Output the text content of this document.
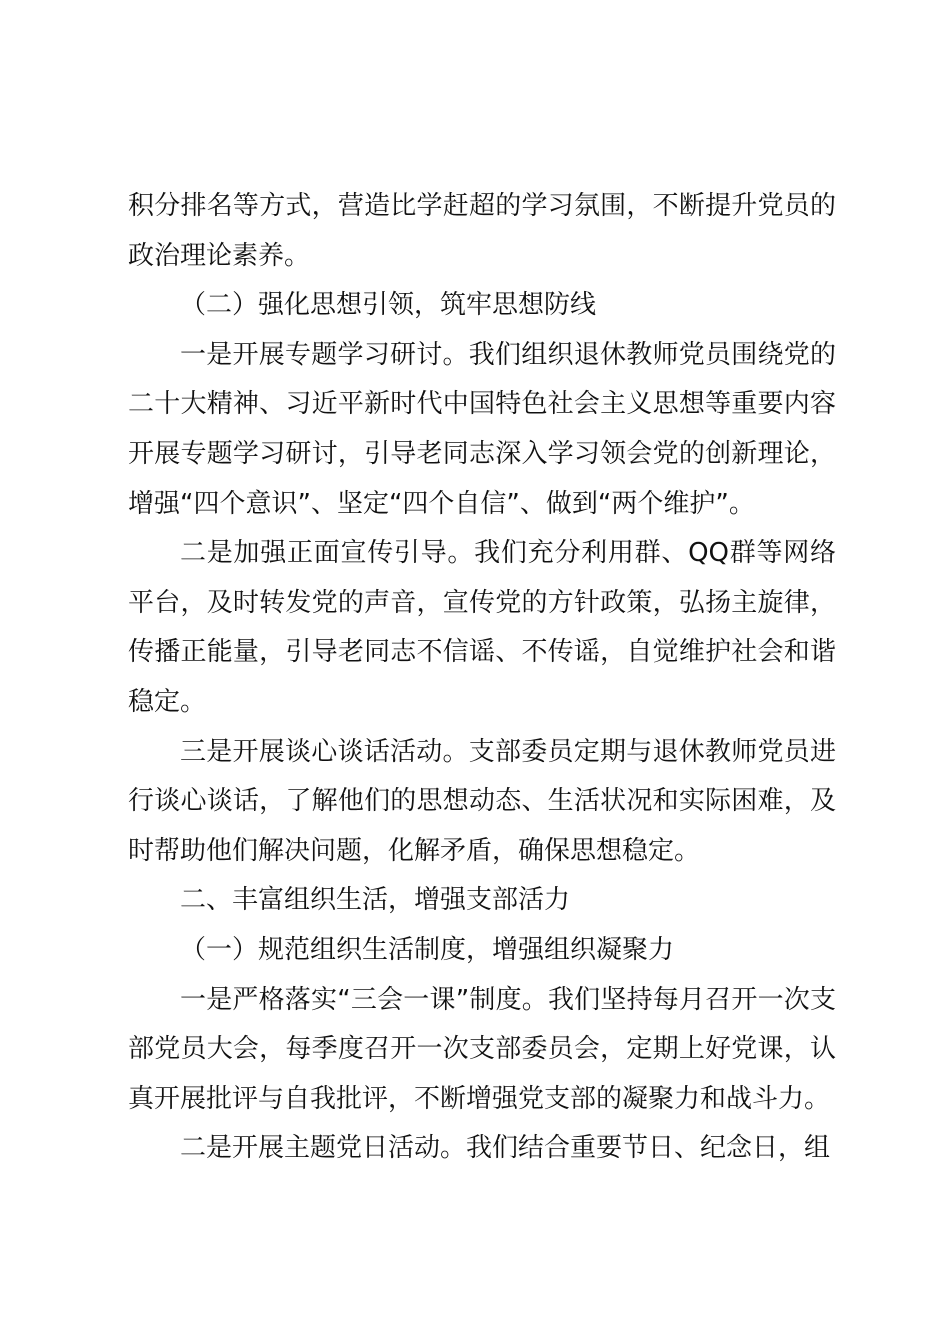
积分排名等方式，营造比学赶超的学习氛围，不断提升党员的政治理论素养。

（二）强化思想引领，筑牢思想防线

一是开展专题学习研讨。我们组织退休教师党员围绕党的二十大精神、习近平新时代中国特色社会主义思想等重要内容开展专题学习研讨，引导老同志深入学习领会党的创新理论，增强“四个意识”、坚定“四个自信”、做到“两个维护”。

二是加强正面宣传引导。我们充分利用群、QQ群等网络平台，及时转发党的声音，宣传党的方针政策，弘扬主旋律，传播正能量，引导老同志不信谣、不传谣，自觉维护社会和谐稳定。

三是开展谈心谈话活动。支部委员定期与退休教师党员进行谈心谈话，了解他们的思想动态、生活状况和实际困难，及时帮助他们解决问题，化解矛盾，确保思想稳定。

二、丰富组织生活，增强支部活力

（一）规范组织生活制度，增强组织凝聚力

一是严格落实“三会一课”制度。我们坚持每月召开一次支部党员大会，每季度召开一次支部委员会，定期上好党课，认真开展批评与自我批评，不断增强党支部的凝聚力和战斗力。

二是开展主题党日活动。我们结合重要节日、纪念日，组
